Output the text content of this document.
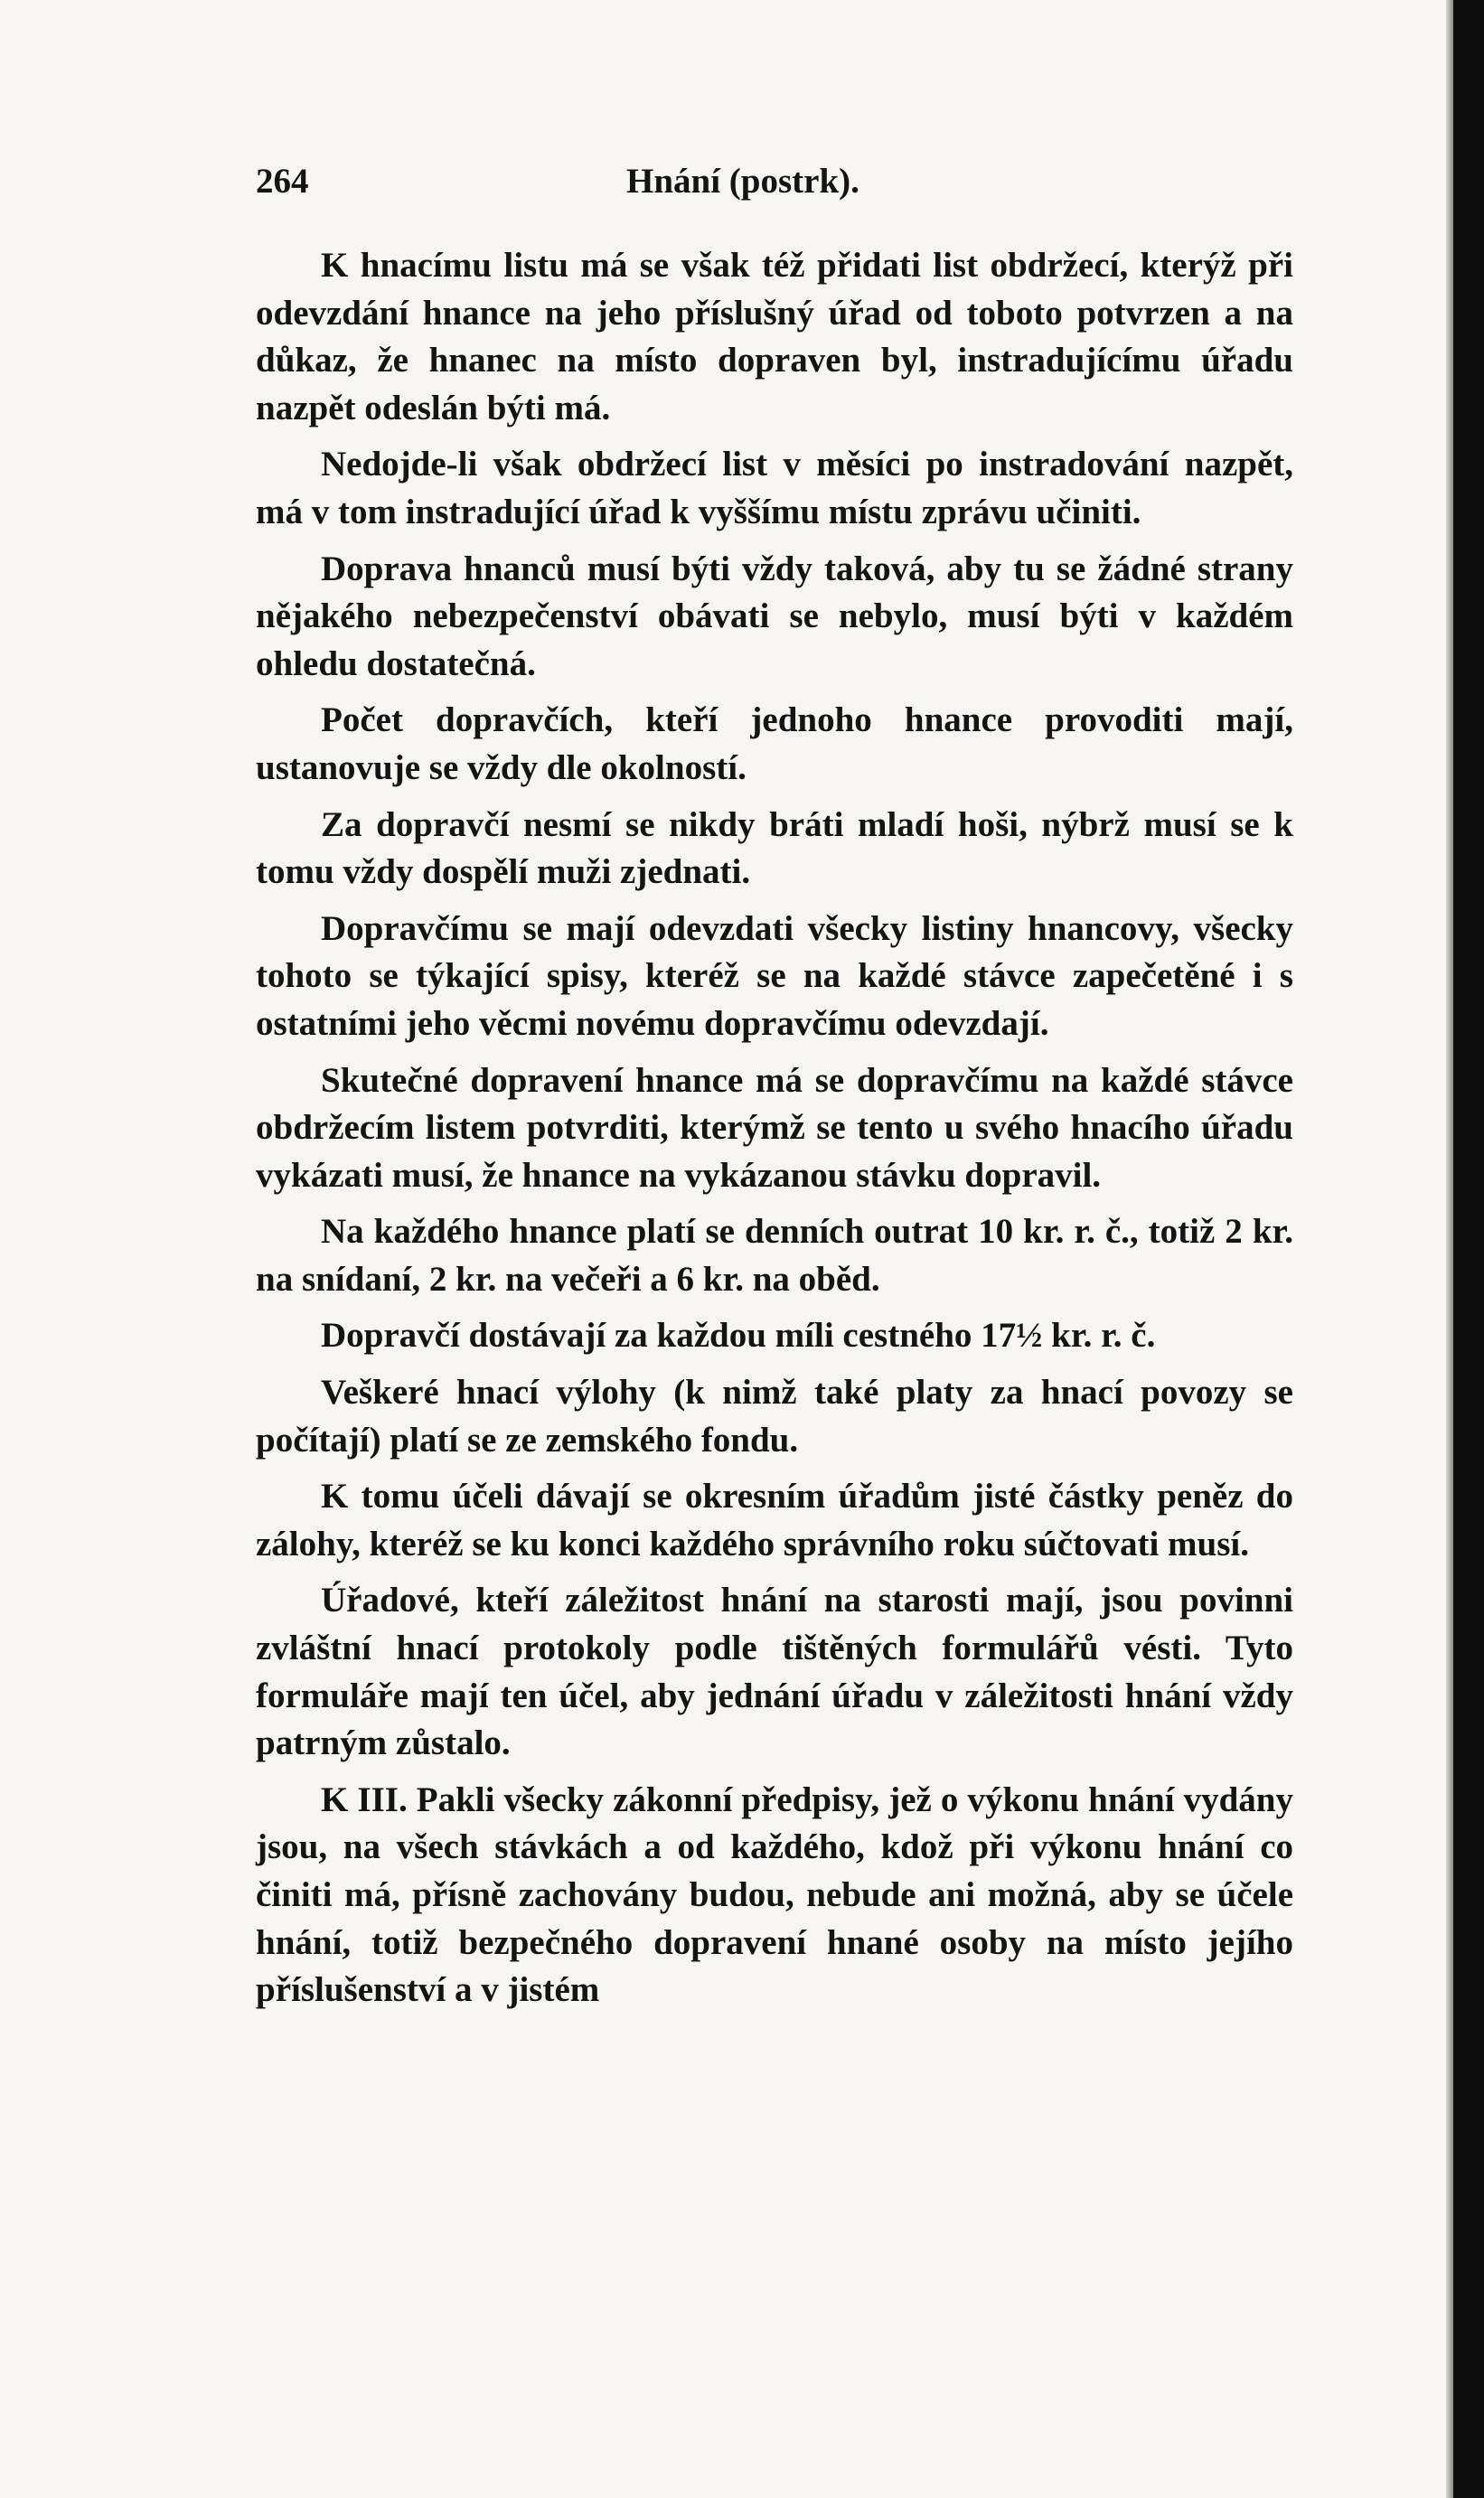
264	Hnání (postrk).

K hnacímu listu má se však též přidati list obdržecí, kterýž při odevzdání hnance na jeho příslušný úřad od toboto potvrzen a na důkaz, že hnanec na místo dopraven byl, instradujícímu úřadu nazpět odeslán býti má.

Nedojde-li však obdržecí list v měsíci po instradování nazpět, má v tom instradující úřad k vyššímu místu zprávu učiniti.

Doprava hnanců musí býti vždy taková, aby tu se žádné strany nějakého nebezpečenství obávati se nebylo, musí býti v každém ohledu dostatečná.

Počet dopravčích, kteří jednoho hnance provoditi mají, ustanovuje se vždy dle okolností.

Za dopravčí nesmí se nikdy bráti mladí hoši, nýbrž musí se k tomu vždy dospělí muži zjednati.

Dopravčímu se mají odevzdati všecky listiny hnancovy, všecky tohoto se týkající spisy, kteréž se na každé stávce zapečetěné i s ostatními jeho věcmi novému dopravčímu odevzdají.

Skutečné dopravení hnance má se dopravčímu na každé stávce obdržecím listem potvrditi, kterýmž se tento u svého hnacího úřadu vykázati musí, že hnance na vykázanou stávku dopravil.

Na každého hnance platí se denních outrat 10 kr. r. č., totiž 2 kr. na snídaní, 2 kr. na večeři a 6 kr. na oběd.

Dopravčí dostávají za každou míli cestného 17½ kr. r. č.

Veškeré hnací výlohy (k nimž také platy za hnací povozy se počítají) platí se ze zemského fondu.

K tomu účeli dávají se okresním úřadům jisté částky peněz do zálohy, kteréž se ku konci každého správního roku súčtovati musí.

Úřadové, kteří záležitost hnání na starosti mají, jsou povinni zvláštní hnací protokoly podle tištěných formulářů vésti. Tyto formuláře mají ten účel, aby jednání úřadu v záležitosti hnání vždy patrným zůstalo.

K III. Pakli všecky zákonní předpisy, jež o výkonu hnání vydány jsou, na všech stávkách a od každého, kdož při výkonu hnání co činiti má, přísně zachovány budou, nebude ani možná, aby se účele hnání, totiž bezpečného dopravení hnané osoby na místo jejího příslušenství a v jistém
